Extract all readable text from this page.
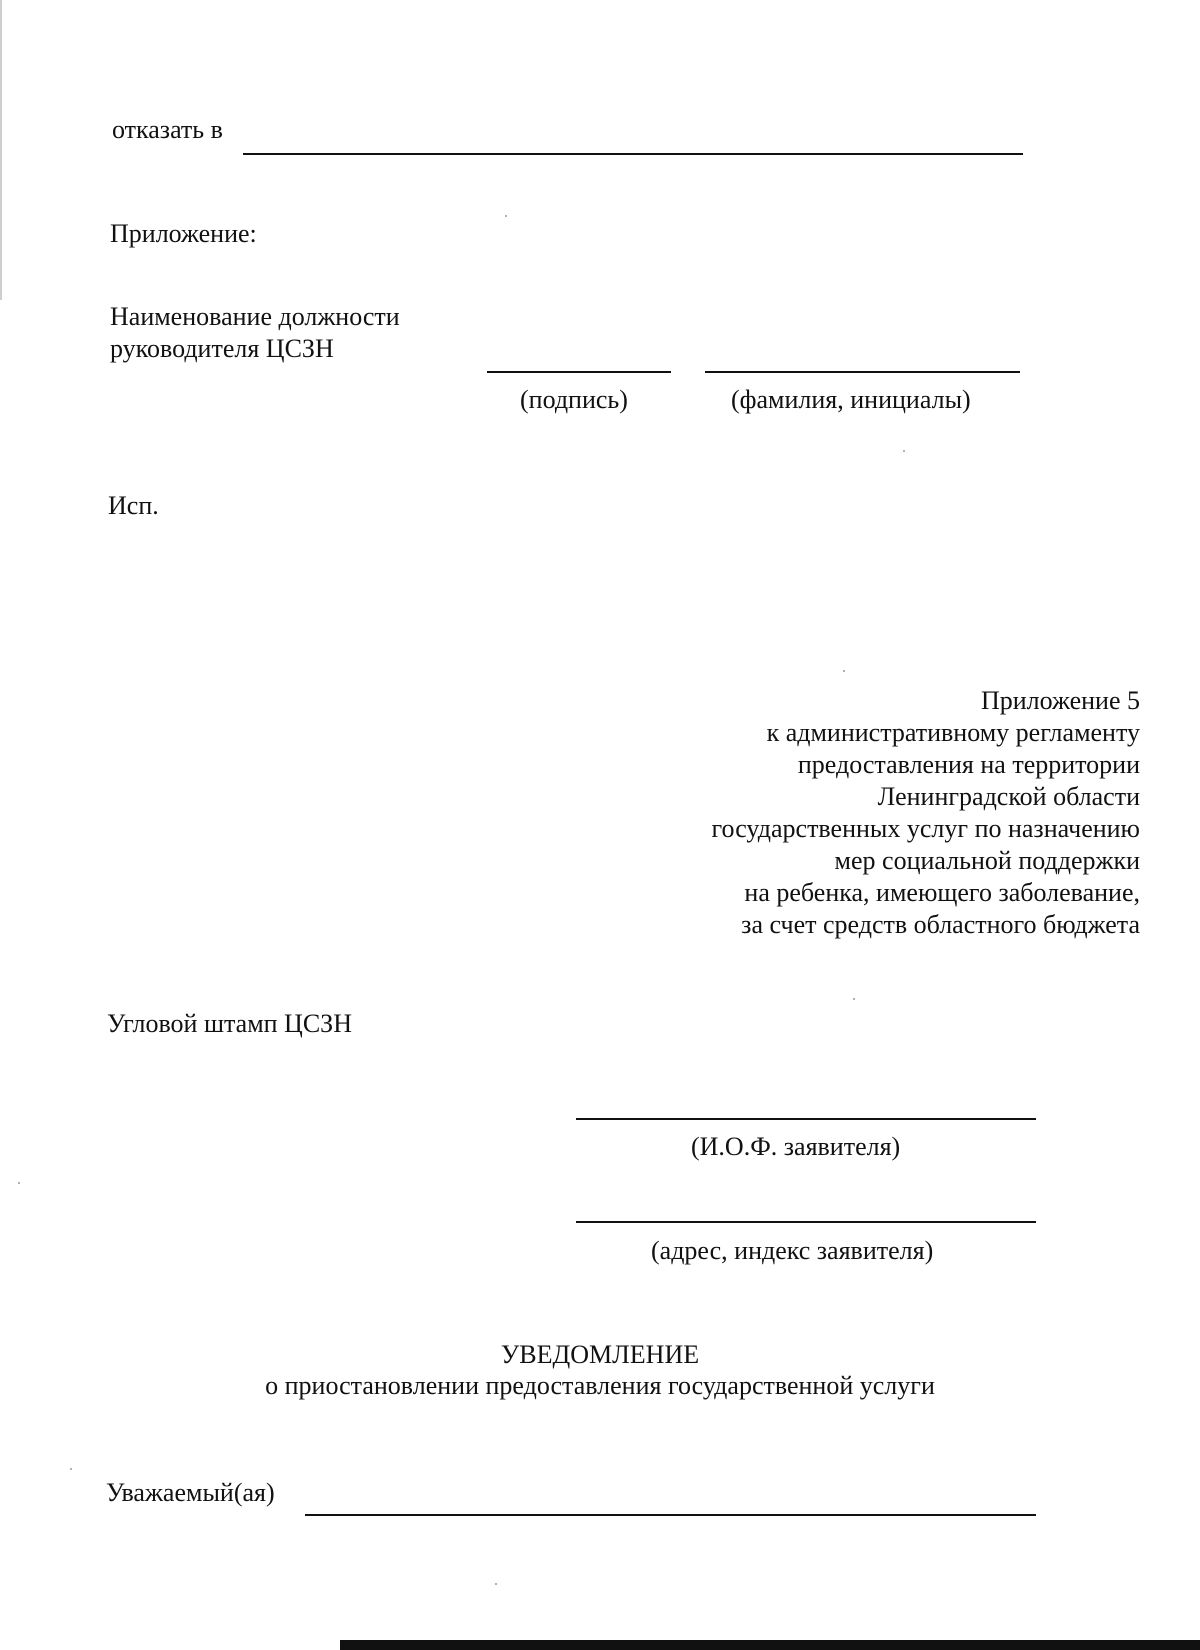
отказать в
Приложение:
Наименование должности
руководителя ЦСЗН
(подпись)	(фамилия, инициалы)
Исп.
Приложение 5
к административному регламенту
предоставления на территории
Ленинградской области
государственных услуг по назначению
мер социальной поддержки
на ребенка, имеющего заболевание,
за счет средств областного бюджета
Угловой штамп ЦСЗН
(И.О.Ф. заявителя)
(адрес, индекс заявителя)
УВЕДОМЛЕНИЕ
о приостановлении предоставления государственной услуги
Уважаемый(ая)
